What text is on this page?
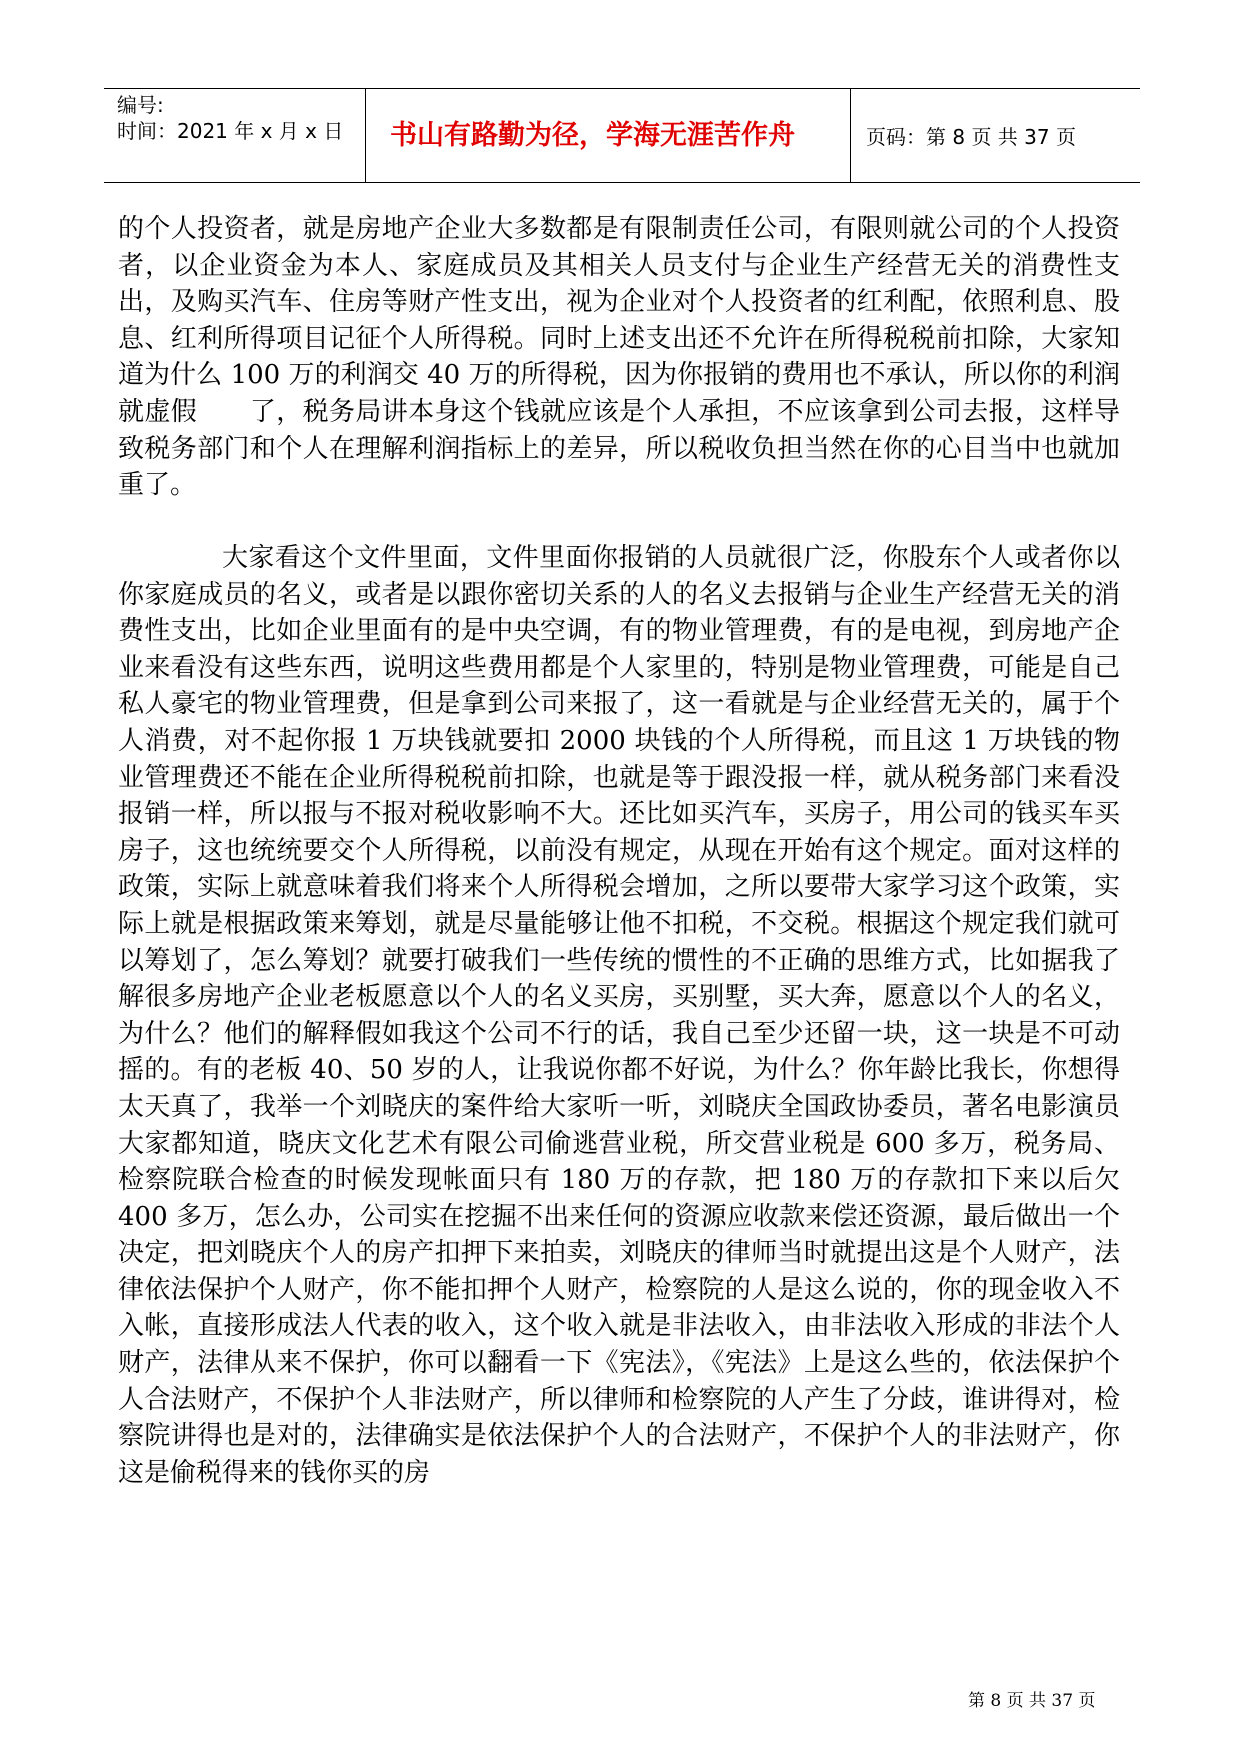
编号:
时间：2021 年 x 月 x 日 书山有路勤为径，学海无涯苦作舟	页码：第 8 页 共 37 页

的个人投资者，就是房地产企业大多数都是有限制责任公司，有限则就公司的个人投资者，以企业资金为本人、家庭成员及其相关人员支付与企业生产经营无关的消费性支出，及购买汽车、住房等财产性支出，视为企业对个人投资者的红利配，依照利息、股息、红利所得项目记征个人所得税。同时上述支出还不允许在所得税税前扣除，大家知道为什么 100 万的利润交 40 万的所得税，因为你报销的费用也不承认，所以你的利润就虚假　　了，税务局讲本身这个钱就应该是个人承担，不应该拿到公司去报，这样导致税务部门和个人在理解利润指标上的差异，所以税收负担当然在你的心目当中也就加重了。

大家看这个文件里面，文件里面你报销的人员就很广泛，你股东个人或者你以你家庭成员的名义，或者是以跟你密切关系的人的名义去报销与企业生产经营无关的消费性支出，比如企业里面有的是中央空调，有的物业管理费，有的是电视，到房地产企业来看没有这些东西，说明这些费用都是个人家里的，特别是物业管理费，可能是自己私人豪宅的物业管理费，但是拿到公司来报了，这一看就是与企业经营无关的，属于个人消费，对不起你报 1 万块钱就要扣 2000 块钱的个人所得税，而且这 1 万块钱的物业管理费还不能在企业所得税税前扣除，也就是等于跟没报一样，就从税务部门来看没报销一样，所以报与不报对税收影响不大。还比如买汽车，买房子，用公司的钱买车买房子，这也统统要交个人所得税，以前没有规定，从现在开始有这个规定。面对这样的政策，实际上就意味着我们将来个人所得税会增加，之所以要带大家学习这个政策，实际上就是根据政策来筹划，就是尽量能够让他不扣税，不交税。根据这个规定我们就可以筹划了，怎么筹划？就要打破我们一些传统的惯性的不正确的思维方式，比如据我了解很多房地产企业老板愿意以个人的名义买房，买别墅，买大奔，愿意以个人的名义，为什么？他们的解释假如我这个公司不行的话，我自己至少还留一块，这一块是不可动摇的。有的老板 40、50 岁的人，让我说你都不好说，为什么？你年龄比我长，你想得太天真了，我举一个刘晓庆的案件给大家听一听，刘晓庆全国政协委员，著名电影演员大家都知道，晓庆文化艺术有限公司偷逃营业税，所交营业税是 600 多万，税务局、检察院联合检查的时候发现帐面只有 180 万的存款，把 180 万的存款扣下来以后欠 400 多万，怎么办，公司实在挖掘不出来任何的资源应收款来偿还资源，最后做出一个决定，把刘晓庆个人的房产扣押下来拍卖，刘晓庆的律师当时就提出这是个人财产，法律依法保护个人财产，你不能扣押个人财产，检察院的人是这么说的，你的现金收入不入帐，直接形成法人代表的收入，这个收入就是非法收入，由非法收入形成的非法个人财产，法律从来不保护，你可以翻看一下《宪法》，《宪法》上是这么些的，依法保护个人合法财产，不保护个人非法财产，所以律师和检察院的人产生了分歧，谁讲得对，检察院讲得也是对的，法律确实是依法保护个人的合法财产，不保护个人的非法财产，你这是偷税得来的钱你买的房

第 8 页 共 37 页
